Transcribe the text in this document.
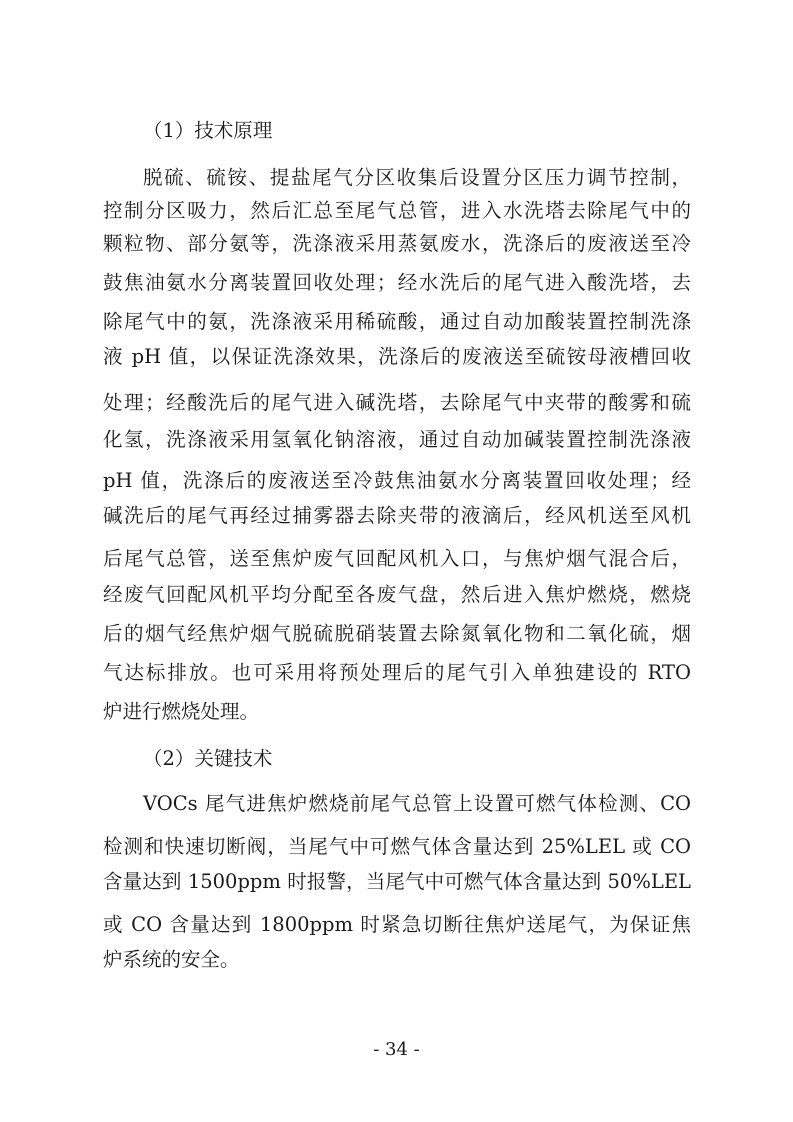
（1）技术原理
脱硫、硫铵、提盐尾气分区收集后设置分区压力调节控制，
控制分区吸力，然后汇总至尾气总管，进入水洗塔去除尾气中的
颗粒物、部分氨等，洗涤液采用蒸氨废水，洗涤后的废液送至冷
鼓焦油氨水分离装置回收处理；经水洗后的尾气进入酸洗塔，去
除尾气中的氨，洗涤液采用稀硫酸，通过自动加酸装置控制洗涤
液 pH 值，以保证洗涤效果，洗涤后的废液送至硫铵母液槽回收
处理；经酸洗后的尾气进入碱洗塔，去除尾气中夹带的酸雾和硫
化氢，洗涤液采用氢氧化钠溶液，通过自动加碱装置控制洗涤液
pH 值，洗涤后的废液送至冷鼓焦油氨水分离装置回收处理；经
碱洗后的尾气再经过捕雾器去除夹带的液滴后，经风机送至风机
后尾气总管，送至焦炉废气回配风机入口，与焦炉烟气混合后，
经废气回配风机平均分配至各废气盘，然后进入焦炉燃烧，燃烧
后的烟气经焦炉烟气脱硫脱硝装置去除氮氧化物和二氧化硫，烟
气达标排放。也可采用将预处理后的尾气引入单独建设的 RTO
炉进行燃烧处理。
（2）关键技术
VOCs 尾气进焦炉燃烧前尾气总管上设置可燃气体检测、CO
检测和快速切断阀，当尾气中可燃气体含量达到 25%LEL 或 CO
含量达到 1500ppm 时报警，当尾气中可燃气体含量达到 50%LEL
或 CO 含量达到 1800ppm 时紧急切断往焦炉送尾气，为保证焦
炉系统的安全。
- 34 -
